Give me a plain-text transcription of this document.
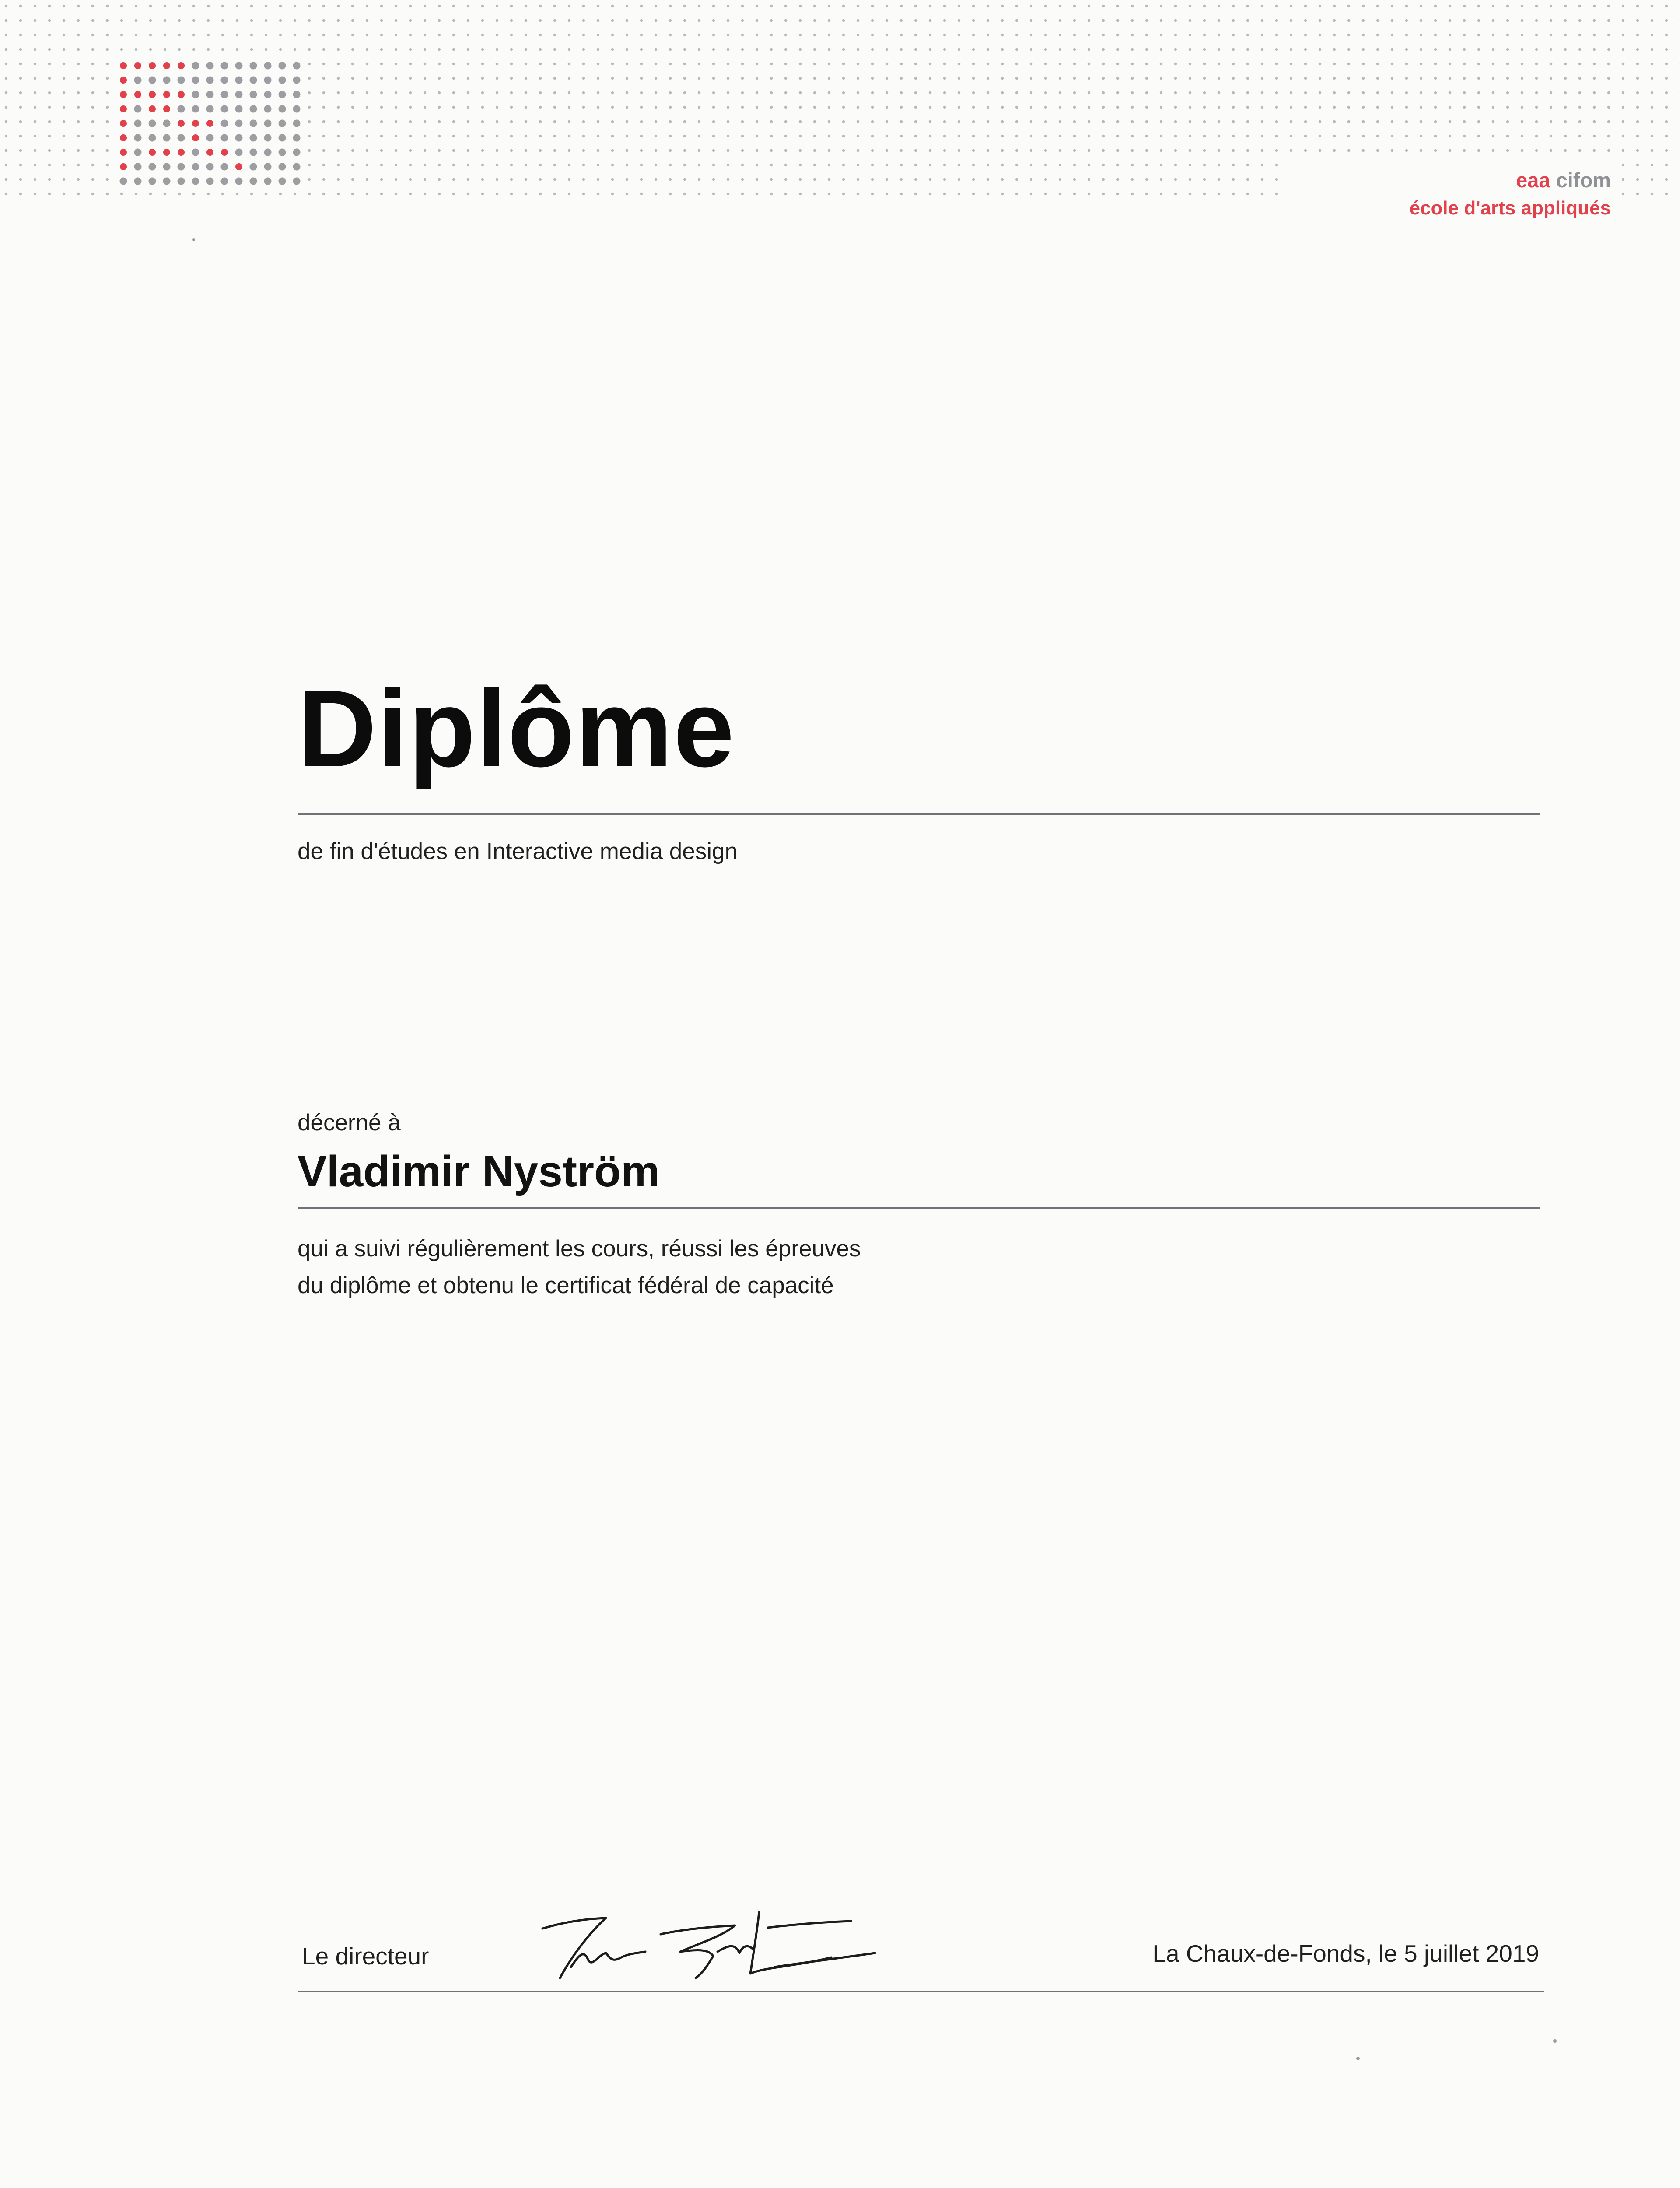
eaa cifom
école d'arts appliqués
Diplôme
de fin d'études en Interactive media design
décerné à
Vladimir Nyström
qui a suivi régulièrement les cours, réussi les épreuves
du diplôme et obtenu le certificat fédéral de capacité
Le directeur	La Chaux-de-Fonds, le 5 juillet 2019
